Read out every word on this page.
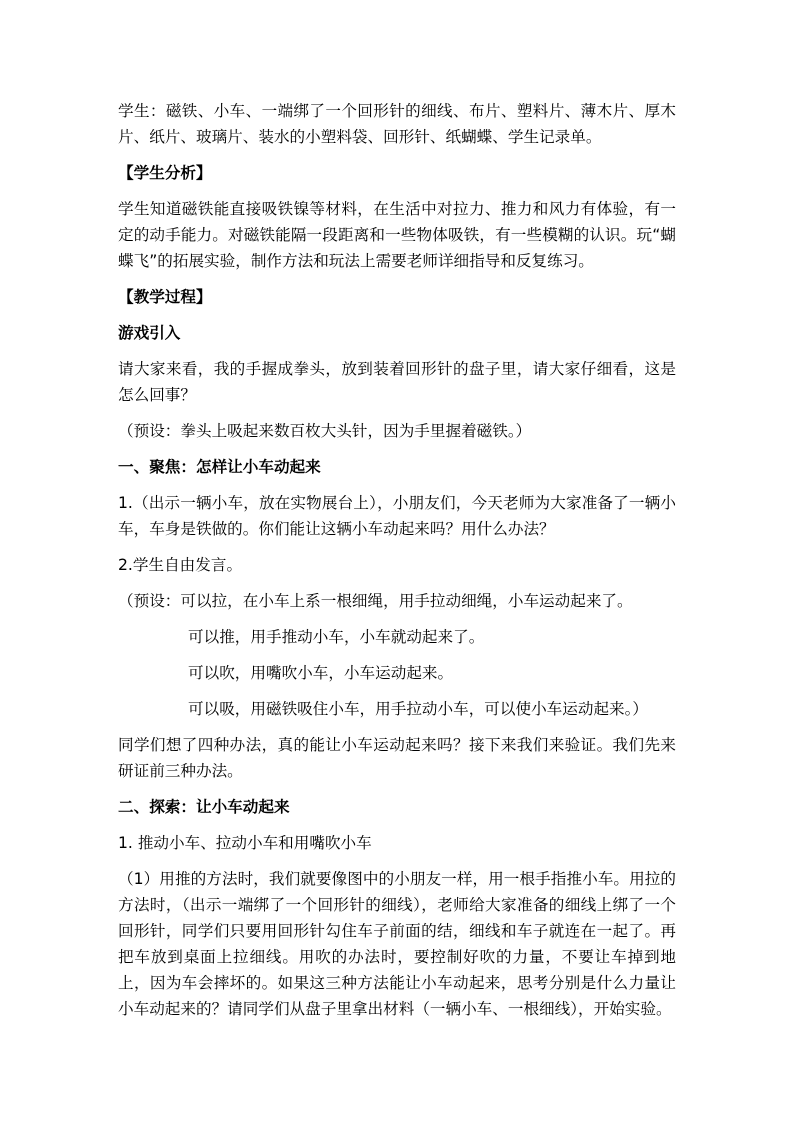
学生：磁铁、小车、一端绑了一个回形针的细线、布片、塑料片、薄木片、厚木片、纸片、玻璃片、装水的小塑料袋、回形针、纸蝴蝶、学生记录单。

【学生分析】

学生知道磁铁能直接吸铁镍等材料，在生活中对拉力、推力和风力有体验，有一定的动手能力。对磁铁能隔一段距离和一些物体吸铁，有一些模糊的认识。玩“蝴蝶飞”的拓展实验，制作方法和玩法上需要老师详细指导和反复练习。

【教学过程】

游戏引入

请大家来看，我的手握成拳头，放到装着回形针的盘子里，请大家仔细看，这是怎么回事？

（预设：拳头上吸起来数百枚大头针，因为手里握着磁铁。）

一、聚焦：怎样让小车动起来

1.（出示一辆小车，放在实物展台上），小朋友们，今天老师为大家准备了一辆小车，车身是铁做的。你们能让这辆小车动起来吗？用什么办法？

2.学生自由发言。

（预设：可以拉，在小车上系一根细绳，用手拉动细绳，小车运动起来了。

可以推，用手推动小车，小车就动起来了。

可以吹，用嘴吹小车，小车运动起来。

可以吸，用磁铁吸住小车，用手拉动小车，可以使小车运动起来。）

同学们想了四种办法，真的能让小车运动起来吗？接下来我们来验证。我们先来研证前三种办法。

二、探索：让小车动起来

1. 推动小车、拉动小车和用嘴吹小车

（1）用推的方法时，我们就要像图中的小朋友一样，用一根手指推小车。用拉的方法时，（出示一端绑了一个回形针的细线），老师给大家准备的细线上绑了一个回形针，同学们只要用回形针勾住车子前面的结，细线和车子就连在一起了。再把车放到桌面上拉细线。用吹的办法时，要控制好吹的力量，不要让车掉到地上，因为车会摔坏的。如果这三种方法能让小车动起来，思考分别是什么力量让小车动起来的？请同学们从盘子里拿出材料（一辆小车、一根细线），开始实验。
